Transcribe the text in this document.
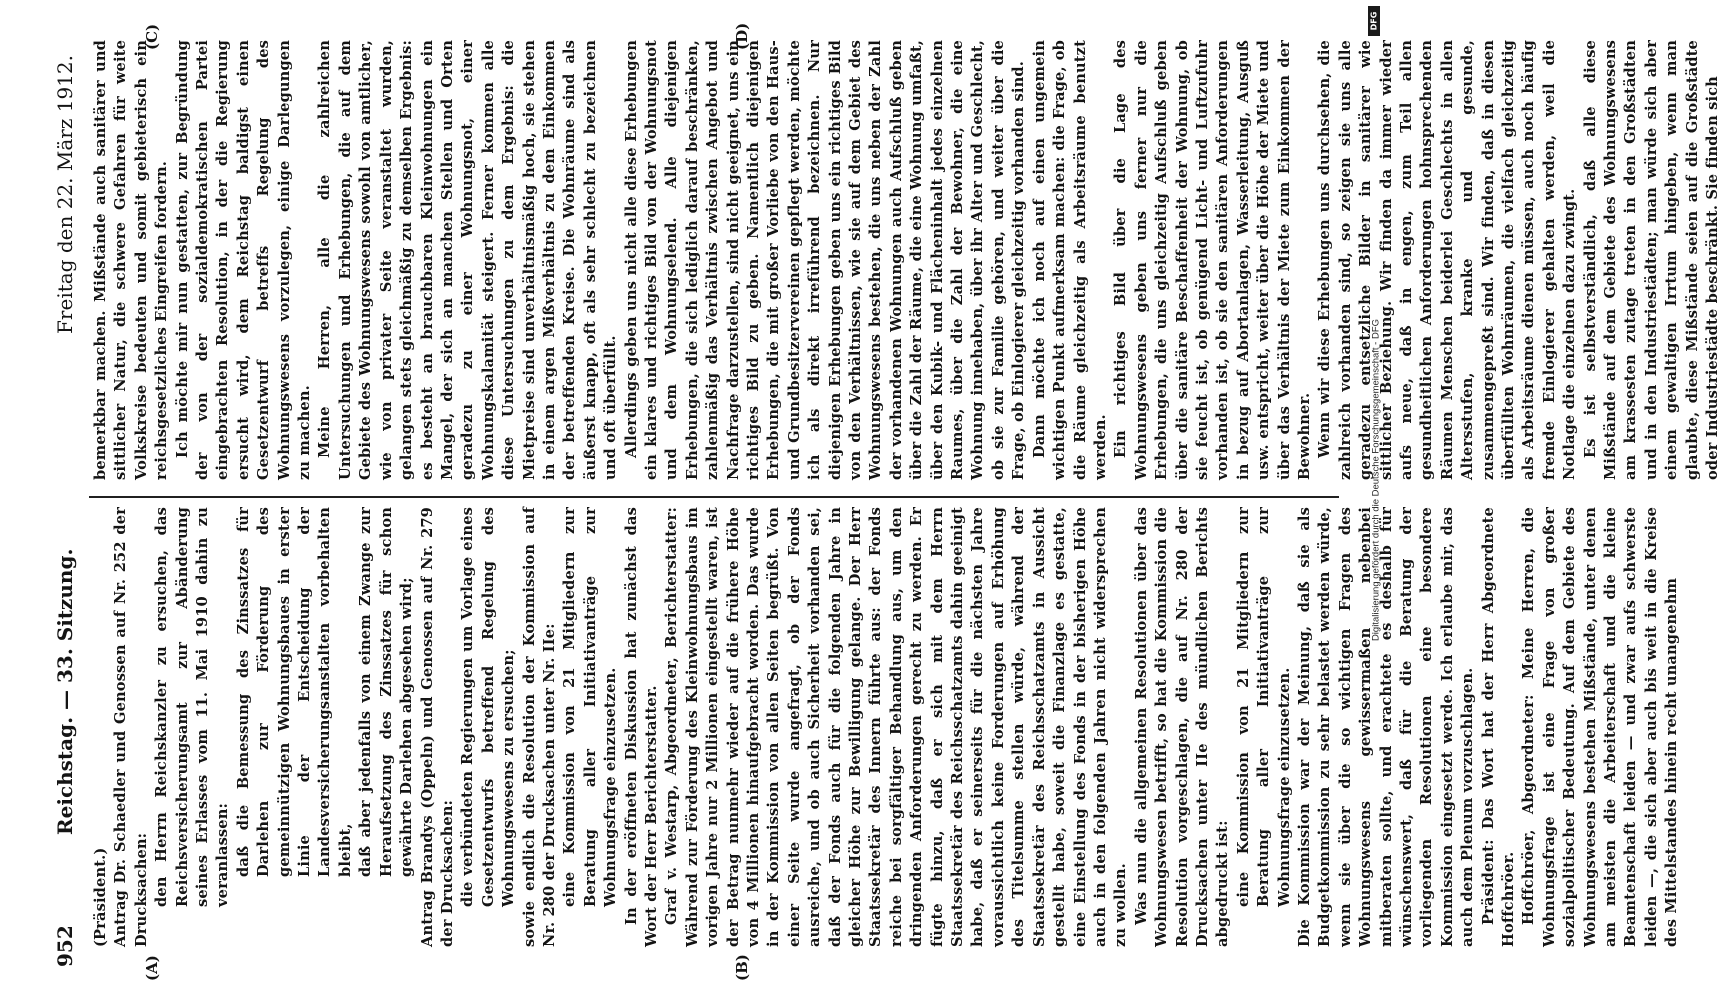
952
Reichstag. — 33. Sitzung.
Freitag den 22. März 1912.
(A)	(B)
(C)	(D)

(Präsident.) Antrag Dr. Schaedler und Genossen auf Nr. 252 der Drucksachen: den Herrn Reichskanzler zu ersuchen, das Reichsversicherungsamt zur Abänderung seines Erlasses vom 11. Mai 1910 dahin zu veranlassen: daß die Bemessung des Zinssatzes für Darlehen zur Förderung des gemeinnützigen Wohnungsbaues in erster Linie der Entscheidung der Landesversicherungsanstalten vorbehalten bleibt, daß aber jedenfalls von einem Zwange zur Heraufsetzung des Zinssatzes für schon gewährte Darlehen abgesehen wird; Antrag Brandys (Oppeln) und Genossen auf Nr. 279 der Drucksachen: die verbündeten Regierungen um Vorlage eines Gesetzentwurfs betreffend Regelung des Wohnungswesens zu ersuchen; sowie endlich die Resolution der Kommission auf Nr. 280 der Drucksachen unter Nr. IIe: eine Kommission von 21 Mitgliedern zur Beratung aller Initiativanträge zur Wohnungsfrage einzusetzen. In der eröffneten Diskussion hat zunächst das Wort der Herr Berichterstatter. Graf v. Westarp, Abgeordneter, Berichterstatter: Während zur Förderung des Kleinwohnungsbaus im vorigen Jahre nur 2 Millionen eingestellt waren, ist der Betrag nunmehr wieder auf die frühere Höhe von 4 Millionen hinaufgebracht worden. Das wurde in der Kommission von allen Seiten begrüßt. Von einer Seite wurde angefragt, ob der Fonds ausreiche, und ob auch Sicherheit vorhanden sei, daß der Fonds auch für die folgenden Jahre in gleicher Höhe zur Bewilligung gelange. Der Herr Staatssekretär des Innern führte aus: der Fonds reiche bei sorgfältiger Behandlung aus, um den dringenden Anforderungen gerecht zu werden. Er fügte hinzu, daß er sich mit dem Herrn Staatssekretär des Reichsschatzamts dahin geeinigt habe, daß er seinerseits für die nächsten Jahre voraussichtlich keine Forderungen auf Erhöhung des Titelsumme stellen würde, während der Staatssekretär des Reichsschatzamts in Aussicht gestellt habe, soweit die Finanzlage es gestatte, eine Einstellung des Fonds in der bisherigen Höhe auch in den folgenden Jahren nicht widersprechen zu wollen. Was nun die allgemeinen Resolutionen über das Wohnungswesen betrifft, so hat die Kommission die Resolution vorgeschlagen, die auf Nr. 280 der Drucksachen unter IIe des mündlichen Berichts abgedruckt ist: eine Kommission von 21 Mitgliedern zur Beratung aller Initiativanträge zur Wohnungsfrage einzusetzen. Die Kommission war der Meinung, daß sie als Budgetkommission zu sehr belastet werden würde, wenn sie über die so wichtigen Fragen des Wohnungswesens gewissermaßen nebenbei mitberaten sollte, und erachtete es deshalb für wünschenswert, daß für die Beratung der vorliegenden Resolutionen eine besondere Kommission eingesetzt werde. Ich erlaube mir, das auch dem Plenum vorzuschlagen. Präsident: Das Wort hat der Herr Abgeordnete Hoffchröer. Hoffchröer, Abgeordneter: Meine Herren, die Wohnungsfrage ist eine Frage von großer sozialpolitischer Bedeutung. Auf dem Gebiete des Wohnungswesens bestehen Mißstände, unter denen am meisten die Arbeiterschaft und die kleine Beamtenschaft leiden — und zwar aufs schwerste leiden —, die sich aber auch bis weit in die Kreise des Mittelstandes hinein recht unangenehm

bemerkbar machen. Mißstände auch sanitärer und sittlicher Natur, die schwere Gefahren für weite Volkskreise bedeuten und somit gebieterisch ein reichsgesetzliches Eingreifen fordern. Ich möchte mir nun gestatten, zur Begründung der von der sozialdemokratischen Partei eingebrachten Resolution, in der die Regierung ersucht wird, dem Reichstag baldigst einen Gesetzentwurf betreffs Regelung des Wohnungswesens vorzulegen, einige Darlegungen zu machen. Meine Herren, alle die zahlreichen Untersuchungen und Erhebungen, die auf dem Gebiete des Wohnungswesens sowohl von amtlicher, wie von privater Seite veranstaltet wurden, gelangen stets gleichmäßig zu demselben Ergebnis: es besteht an brauchbaren Kleinwohnungen ein Mangel, der sich an manchen Stellen und Orten geradezu zu einer Wohnungsnot, einer Wohnungskalamität steigert. Ferner kommen alle diese Untersuchungen zu dem Ergebnis: die Mietpreise sind unverhältnismäßig hoch, sie stehen in einem argen Mißverhältnis zu dem Einkommen der betreffenden Kreise. Die Wohnräume sind als äußerst knapp, oft als sehr schlecht zu bezeichnen und oft überfüllt. Allerdings geben uns nicht alle diese Erhebungen ein klares und richtiges Bild von der Wohnungsnot und dem Wohnungselend. Alle diejenigen Erhebungen, die sich lediglich darauf beschränken, zahlenmäßig das Verhältnis zwischen Angebot und Nachfrage darzustellen, sind nicht geeignet, uns ein richtiges Bild zu geben. Namentlich diejenigen Erhebungen, die mit großer Vorliebe von den Haus- und Grundbesitzervereinen gepflegt werden, möchte ich als direkt irreführend bezeichnen. Nur diejenigen Erhebungen geben uns ein richtiges Bild von den Verhältnissen, wie sie auf dem Gebiet des Wohnungswesens bestehen, die uns neben der Zahl der vorhandenen Wohnungen auch Aufschluß geben über die Zahl der Räume, die eine Wohnung umfaßt, über den Kubik- und Flächeninhalt jedes einzelnen Raumes, über die Zahl der Bewohner, die eine Wohnung innehaben, über ihr Alter und Geschlecht, ob sie zur Familie gehören, und weiter über die Frage, ob Einlogierer gleichzeitig vorhanden sind. Dann möchte ich noch auf einen ungemein wichtigen Punkt aufmerksam machen: die Frage, ob die Räume gleichzeitig als Arbeitsräume benutzt werden. Ein richtiges Bild über die Lage des Wohnungswesens geben uns ferner nur die Erhebungen, die uns gleichzeitig Aufschluß geben über die sanitäre Beschaffenheit der Wohnung, ob sie feucht ist, ob genügend Licht- und Luftzufuhr vorhanden ist, ob sie den sanitären Anforderungen in bezug auf Abortanlagen, Wasserleitung, Ausguß usw. entspricht, weiter über die Höhe der Miete und über das Verhältnis der Miete zum Einkommen der Bewohner. Wenn wir diese Erhebungen uns durchsehen, die zahlreich vorhanden sind, so zeigen sie uns alle geradezu entsetzliche Bilder in sanitärer wie sittlicher Beziehung. Wir finden da immer wieder aufs neue, daß in engen, zum Teil allen gesundheitlichen Anforderungen hohnsprechenden Räumen Menschen beiderlei Geschlechts in allen Altersstufen, kranke und gesunde, zusammengepreßt sind. Wir finden, daß in diesen überfüllten Wohnräumen, die vielfach gleichzeitig als Arbeitsräume dienen müssen, auch noch häufig fremde Einlogierer gehalten werden, weil die Notlage die einzelnen dazu zwingt. Es ist selbstverständlich, daß alle diese Mißstände auf dem Gebiete des Wohnungswesens am krassesten zutage treten in den Großstädten und in den Industriestädten; man würde sich aber einem gewaltigen Irrtum hingeben, wenn man glaubte, diese Mißstände seien auf die Großstädte oder Industriestädte beschränkt. Sie finden sich

DFG
Digitalisierung gefördert durch die Deutsche Forschungsgemeinschaft - DFG
